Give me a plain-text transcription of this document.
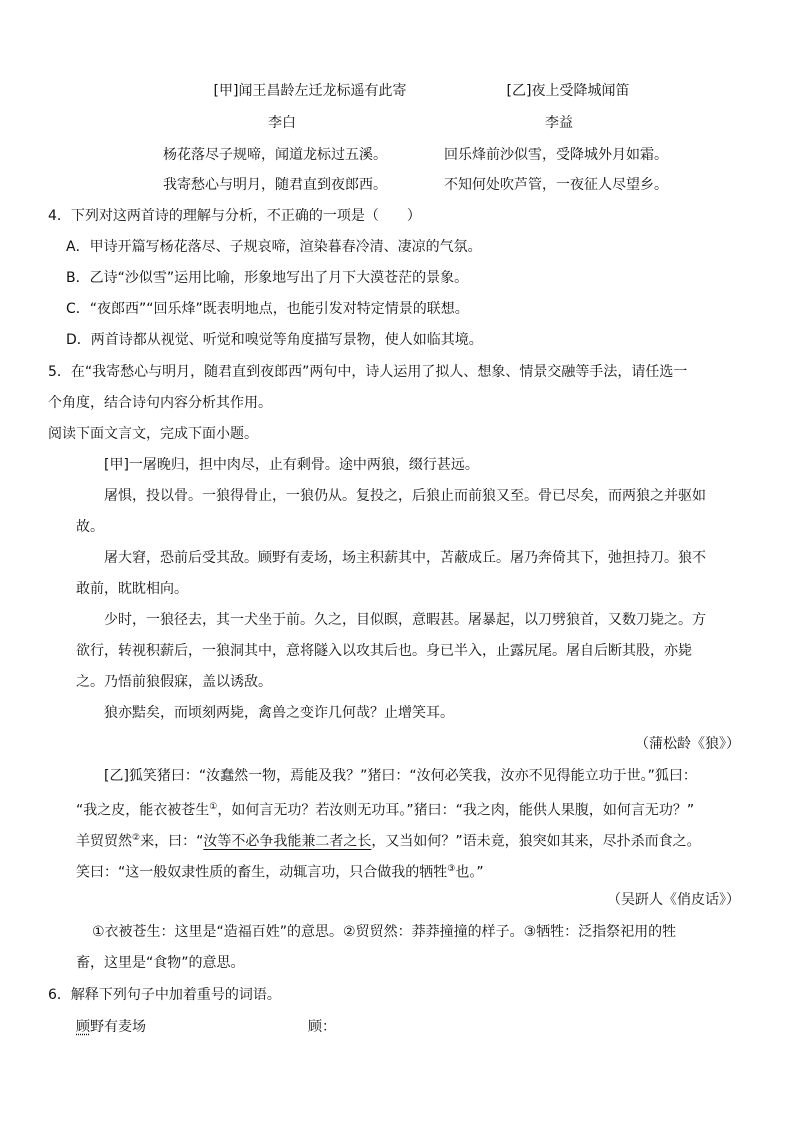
[甲]闻王昌龄左迁龙标遥有此寄	[乙]夜上受降城闻笛
李白	李益
杨花落尽子规啼，闻道龙标过五溪。	回乐烽前沙似雪，受降城外月如霜。
我寄愁心与明月，随君直到夜郎西。	不知何处吹芦管，一夜征人尽望乡。
4．下列对这两首诗的理解与分析，不正确的一项是（　　）
A．甲诗开篇写杨花落尽、子规哀啼，渲染暮春冷清、凄凉的气氛。
B．乙诗“沙似雪”运用比喻，形象地写出了月下大漠苍茫的景象。
C．“夜郎西”“回乐烽”既表明地点，也能引发对特定情景的联想。
D．两首诗都从视觉、听觉和嗅觉等角度描写景物，使人如临其境。
5．在“我寄愁心与明月，随君直到夜郎西”两句中，诗人运用了拟人、想象、情景交融等手法，请任选一
个角度，结合诗句内容分析其作用。
阅读下面文言文，完成下面小题。
[甲]一屠晚归，担中肉尽，止有剩骨。途中两狼，缀行甚远。
屠惧，投以骨。一狼得骨止，一狼仍从。复投之，后狼止而前狼又至。骨已尽矣，而两狼之并驱如
故。
屠大窘，恐前后受其敌。顾野有麦场，场主积薪其中，苫蔽成丘。屠乃奔倚其下，弛担持刀。狼不
敢前，眈眈相向。
少时，一狼径去，其一犬坐于前。久之，目似瞑，意暇甚。屠暴起，以刀劈狼首，又数刀毙之。方
欲行，转视积薪后，一狼洞其中，意将隧入以攻其后也。身已半入，止露尻尾。屠自后断其股，亦毙
之。乃悟前狼假寐，盖以诱敌。
狼亦黠矣，而顷刻两毙，禽兽之变诈几何哉？止增笑耳。
（蒲松龄《狼》）
[乙]狐笑猪曰：“汝蠢然一物，焉能及我？”猪曰：“汝何必笑我，汝亦不见得能立功于世。”狐曰：
“我之皮，能衣被苍生①，如何言无功？若汝则无功耳。”猪曰：“我之肉，能供人果腹，如何言无功？”
羊贸贸然②来，曰：“汝等不必争我能兼二者之长，又当如何？”语未竟，狼突如其来，尽扑杀而食之。
笑曰：“这一般奴隶性质的畜生，动辄言功，只合做我的牺牲③也。”
（吴趼人《俏皮话》）
①衣被苍生：这里是“造福百姓”的意思。②贸贸然：莽莽撞撞的样子。③牺牲：泛指祭祀用的牲
畜，这里是“食物”的意思。
6．解释下列句子中加着重号的词语。
顾野有麦场	顾：
